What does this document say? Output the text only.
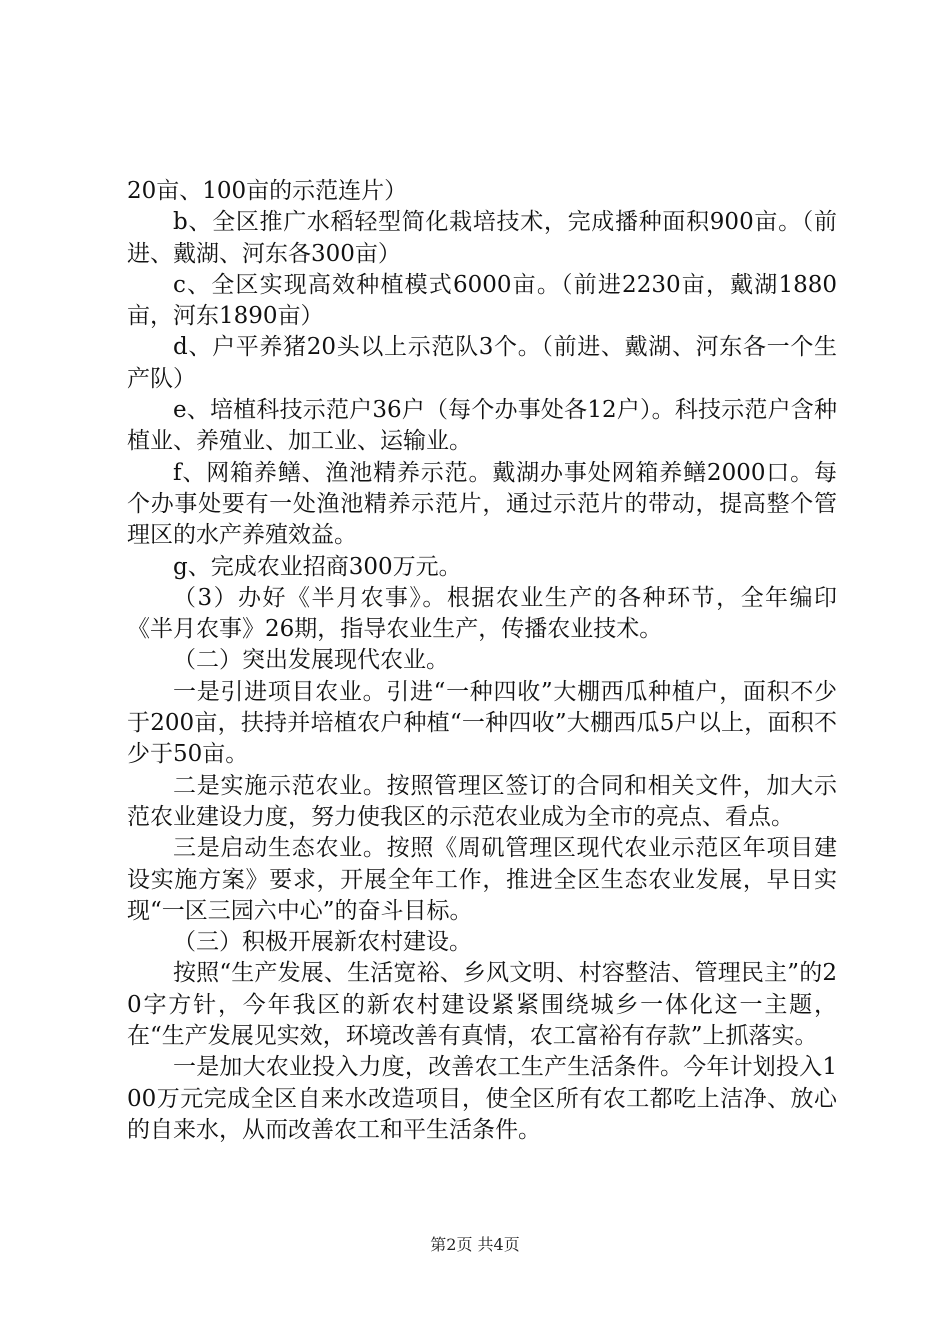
20亩、100亩的示范连片）

b、全区推广水稻轻型简化栽培技术，完成播种面积900亩。（前进、戴湖、河东各300亩）

c、全区实现高效种植模式6000亩。（前进2230亩，戴湖1880亩，河东1890亩）

d、户平养猪20头以上示范队3个。（前进、戴湖、河东各一个生产队）

e、培植科技示范户36户（每个办事处各12户）。科技示范户含种植业、养殖业、加工业、运输业。

f、网箱养鳝、渔池精养示范。戴湖办事处网箱养鳝2000口。每个办事处要有一处渔池精养示范片，通过示范片的带动，提高整个管理区的水产养殖效益。

g、完成农业招商300万元。

（3）办好《半月农事》。根据农业生产的各种环节，全年编印《半月农事》26期，指导农业生产，传播农业技术。

（二）突出发展现代农业。

一是引进项目农业。引进“一种四收”大棚西瓜种植户，面积不少于200亩，扶持并培植农户种植“一种四收”大棚西瓜5户以上，面积不少于50亩。

二是实施示范农业。按照管理区签订的合同和相关文件，加大示范农业建设力度，努力使我区的示范农业成为全市的亮点、看点。

三是启动生态农业。按照《周矶管理区现代农业示范区年项目建设实施方案》要求，开展全年工作，推进全区生态农业发展，早日实现“一区三园六中心”的奋斗目标。

（三）积极开展新农村建设。

按照“生产发展、生活宽裕、乡风文明、村容整洁、管理民主”的20字方针，今年我区的新农村建设紧紧围绕城乡一体化这一主题，在“生产发展见实效，环境改善有真情，农工富裕有存款”上抓落实。

一是加大农业投入力度，改善农工生产生活条件。今年计划投入100万元完成全区自来水改造项目，使全区所有农工都吃上洁净、放心的自来水，从而改善农工和平生活条件。

第2页 共4页
